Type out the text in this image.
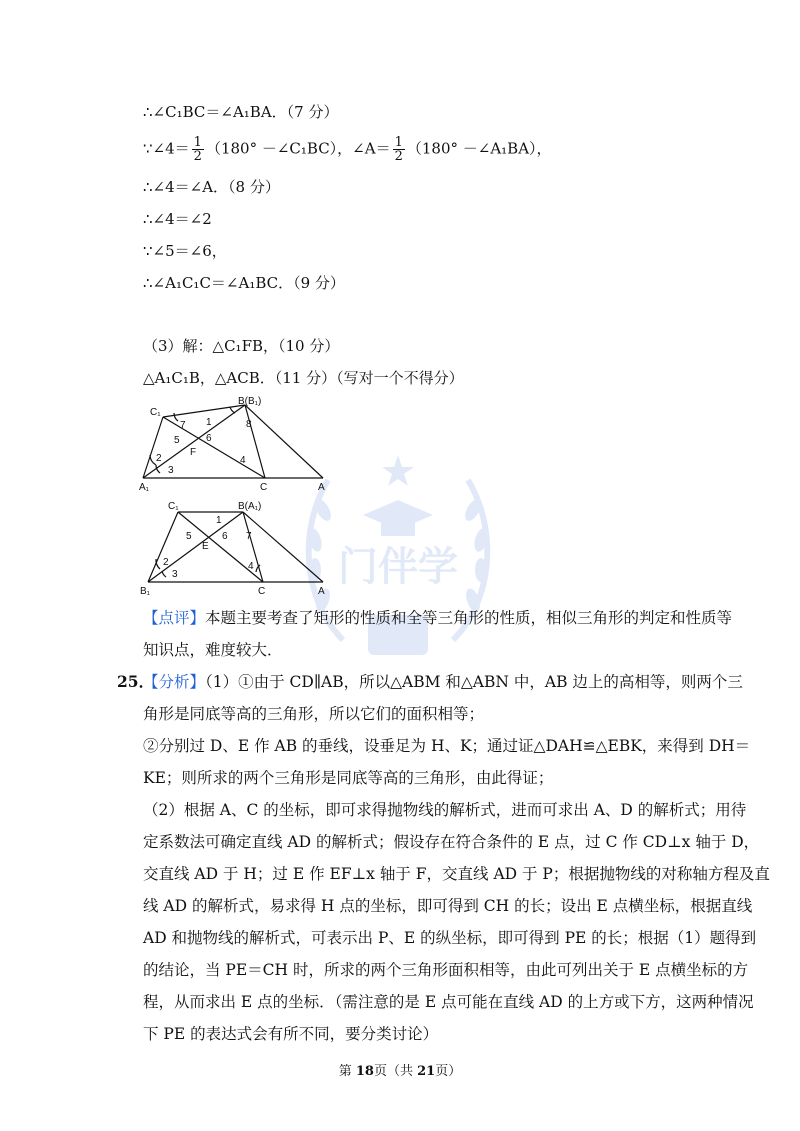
门伴学
∴∠C₁BC＝∠A₁BA．（7 分）
∵∠4＝ $\frac{1}{2} (180^\circ$ －∠C₁BC），∠A＝ $\frac{1}{2} (180^\circ$ －∠A₁BA），
∴∠4＝∠A．（8 分）
∴∠4＝∠2
∵∠5＝∠6，
∴∠A₁C₁C＝∠A₁BC．（9 分）
（3）解：△C₁FB，（10 分）
△A₁C₁B，△ACB．（11 分）（写对一个不得分）
C₁
B(B₁)
A₁	C	A
7 1
6
5
F
8
2
3
4
C₁	B(A₁)
B₁	C	A
1
5	6
E
7
2
3
4
【点评】本题主要考查了矩形的性质和全等三角形的性质，相似三角形的判定和性质等
知识点，难度较大．
25．
【分析】（1）①由于 CD∥AB，所以△ABM 和△ABN 中，AB 边上的高相等，则两个三
角形是同底等高的三角形，所以它们的面积相等；
②分别过 D、E 作 AB 的垂线，设垂足为 H、K；通过证△DAH≌△EBK，来得到 DH＝
KE；则所求的两个三角形是同底等高的三角形，由此得证；
（2）根据 A、C 的坐标，即可求得抛物线的解析式，进而可求出 A、D 的解析式；用待
定系数法可确定直线 AD 的解析式；假设存在符合条件的 E 点，过 C 作 CD⊥x 轴于 D，
交直线 AD 于 H；过 E 作 EF⊥x 轴于 F，交直线 AD 于 P；根据抛物线的对称轴方程及直
线 AD 的解析式，易求得 H 点的坐标，即可得到 CH 的长；设出 E 点横坐标，根据直线
AD 和抛物线的解析式，可表示出 P、E 的纵坐标，即可得到 PE 的长；根据（1）题得到
的结论，当 PE＝CH 时，所求的两个三角形面积相等，由此可列出关于 E 点横坐标的方
程，从而求出 E 点的坐标．（需注意的是 E 点可能在直线 AD 的上方或下方，这两种情况
下 PE 的表达式会有所不同，要分类讨论）
第 18页（共 21页）
